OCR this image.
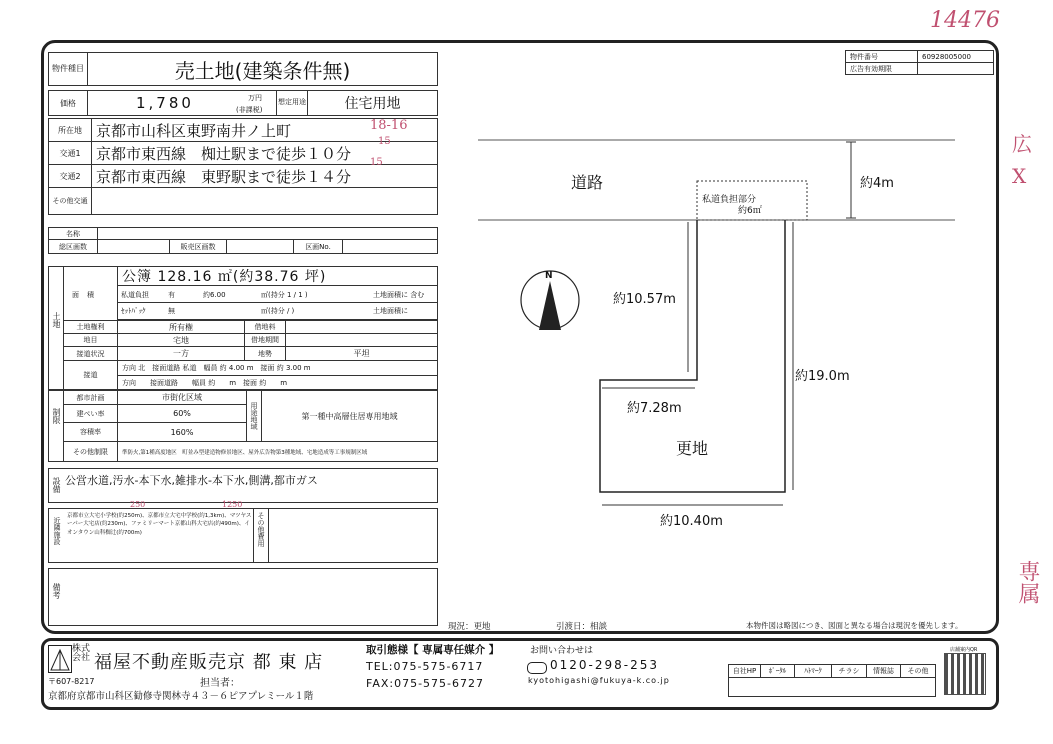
14476
広 X
専属
物件種目	売土地(建築条件無)
物件番号	60928005000
広告有効期限
価格	1,780	万円
(非課税)
想定用途	住宅用地
所在地 京都市山科区東野南井ノ上町	18-16
交通1	京都市東西線　椥辻駅まで徒歩１０分
交通2	京都市東西線　東野駅まで徒歩１４分
その他交通
15
15
名称
総区画数	販売区画数	区画No.
土地
面積
公簿 128.16 ㎡(約38.76 坪)
私道負担	有	約6.00	㎡(持分 1 / 1 )	土地面積に 含む
ｾｯﾄﾊﾞｯｸ	無	㎡(持分 / )	土地面積に
土地権利	所有権	借地料
地目	宅地	借地期間
接道状況	一方	地勢	平坦
接道
方向 北　接面道路 私道　幅員 約 4.00 m　接面 約 3.00 m
方向　　接面道路　　幅員 約　　m　接面 約　　m
制限
都市計画	市街化区域
建ぺい率	60%
容積率	160%
用途地域	第一種中高層住居専用地域
その他制限	準防火,第1種高度地区　町並み型建造物修景地区、屋外広告物第3種地域、宅地造成等工事規制区域
設備 公営水道,汚水-本下水,雑排水-本下水,側溝,都市ガス
近隣施設
京都市立大宅小学校(約250m)、京都市立大宅中学校(約1,3km)、マツヤスーパー大宅店(約230m)、ファミリーマート京都山科大宅店(約490m)、イオンタウン山科椥辻(約700m)	その他費用
250	1250
備考
道路	約4m
私道負担部分
約6㎡
約10.57m
約19.0m
約7.28m
約10.40m
更地
N
現況：更地	引渡日：相談	本物件図は略図につき、図面と異なる場合は現況を優先します。
株式会社 福屋不動産販売京 都 東 店
〒607-8217
京都府京都市山科区勧修寺関林寺４３－６ピアプレミール１階
担当者：
取引態様【 専属専任媒介 】	お問い合わせは
TEL:075-575-6717
FAX:075-575-6727
0120-298-253
kyotohigashi@fukuya-k.co.jp
自社HP	ﾎﾟｰﾀﾙ	ﾊﾄﾏｰｸ	チラシ	情報誌	その他
店舗案内QR
